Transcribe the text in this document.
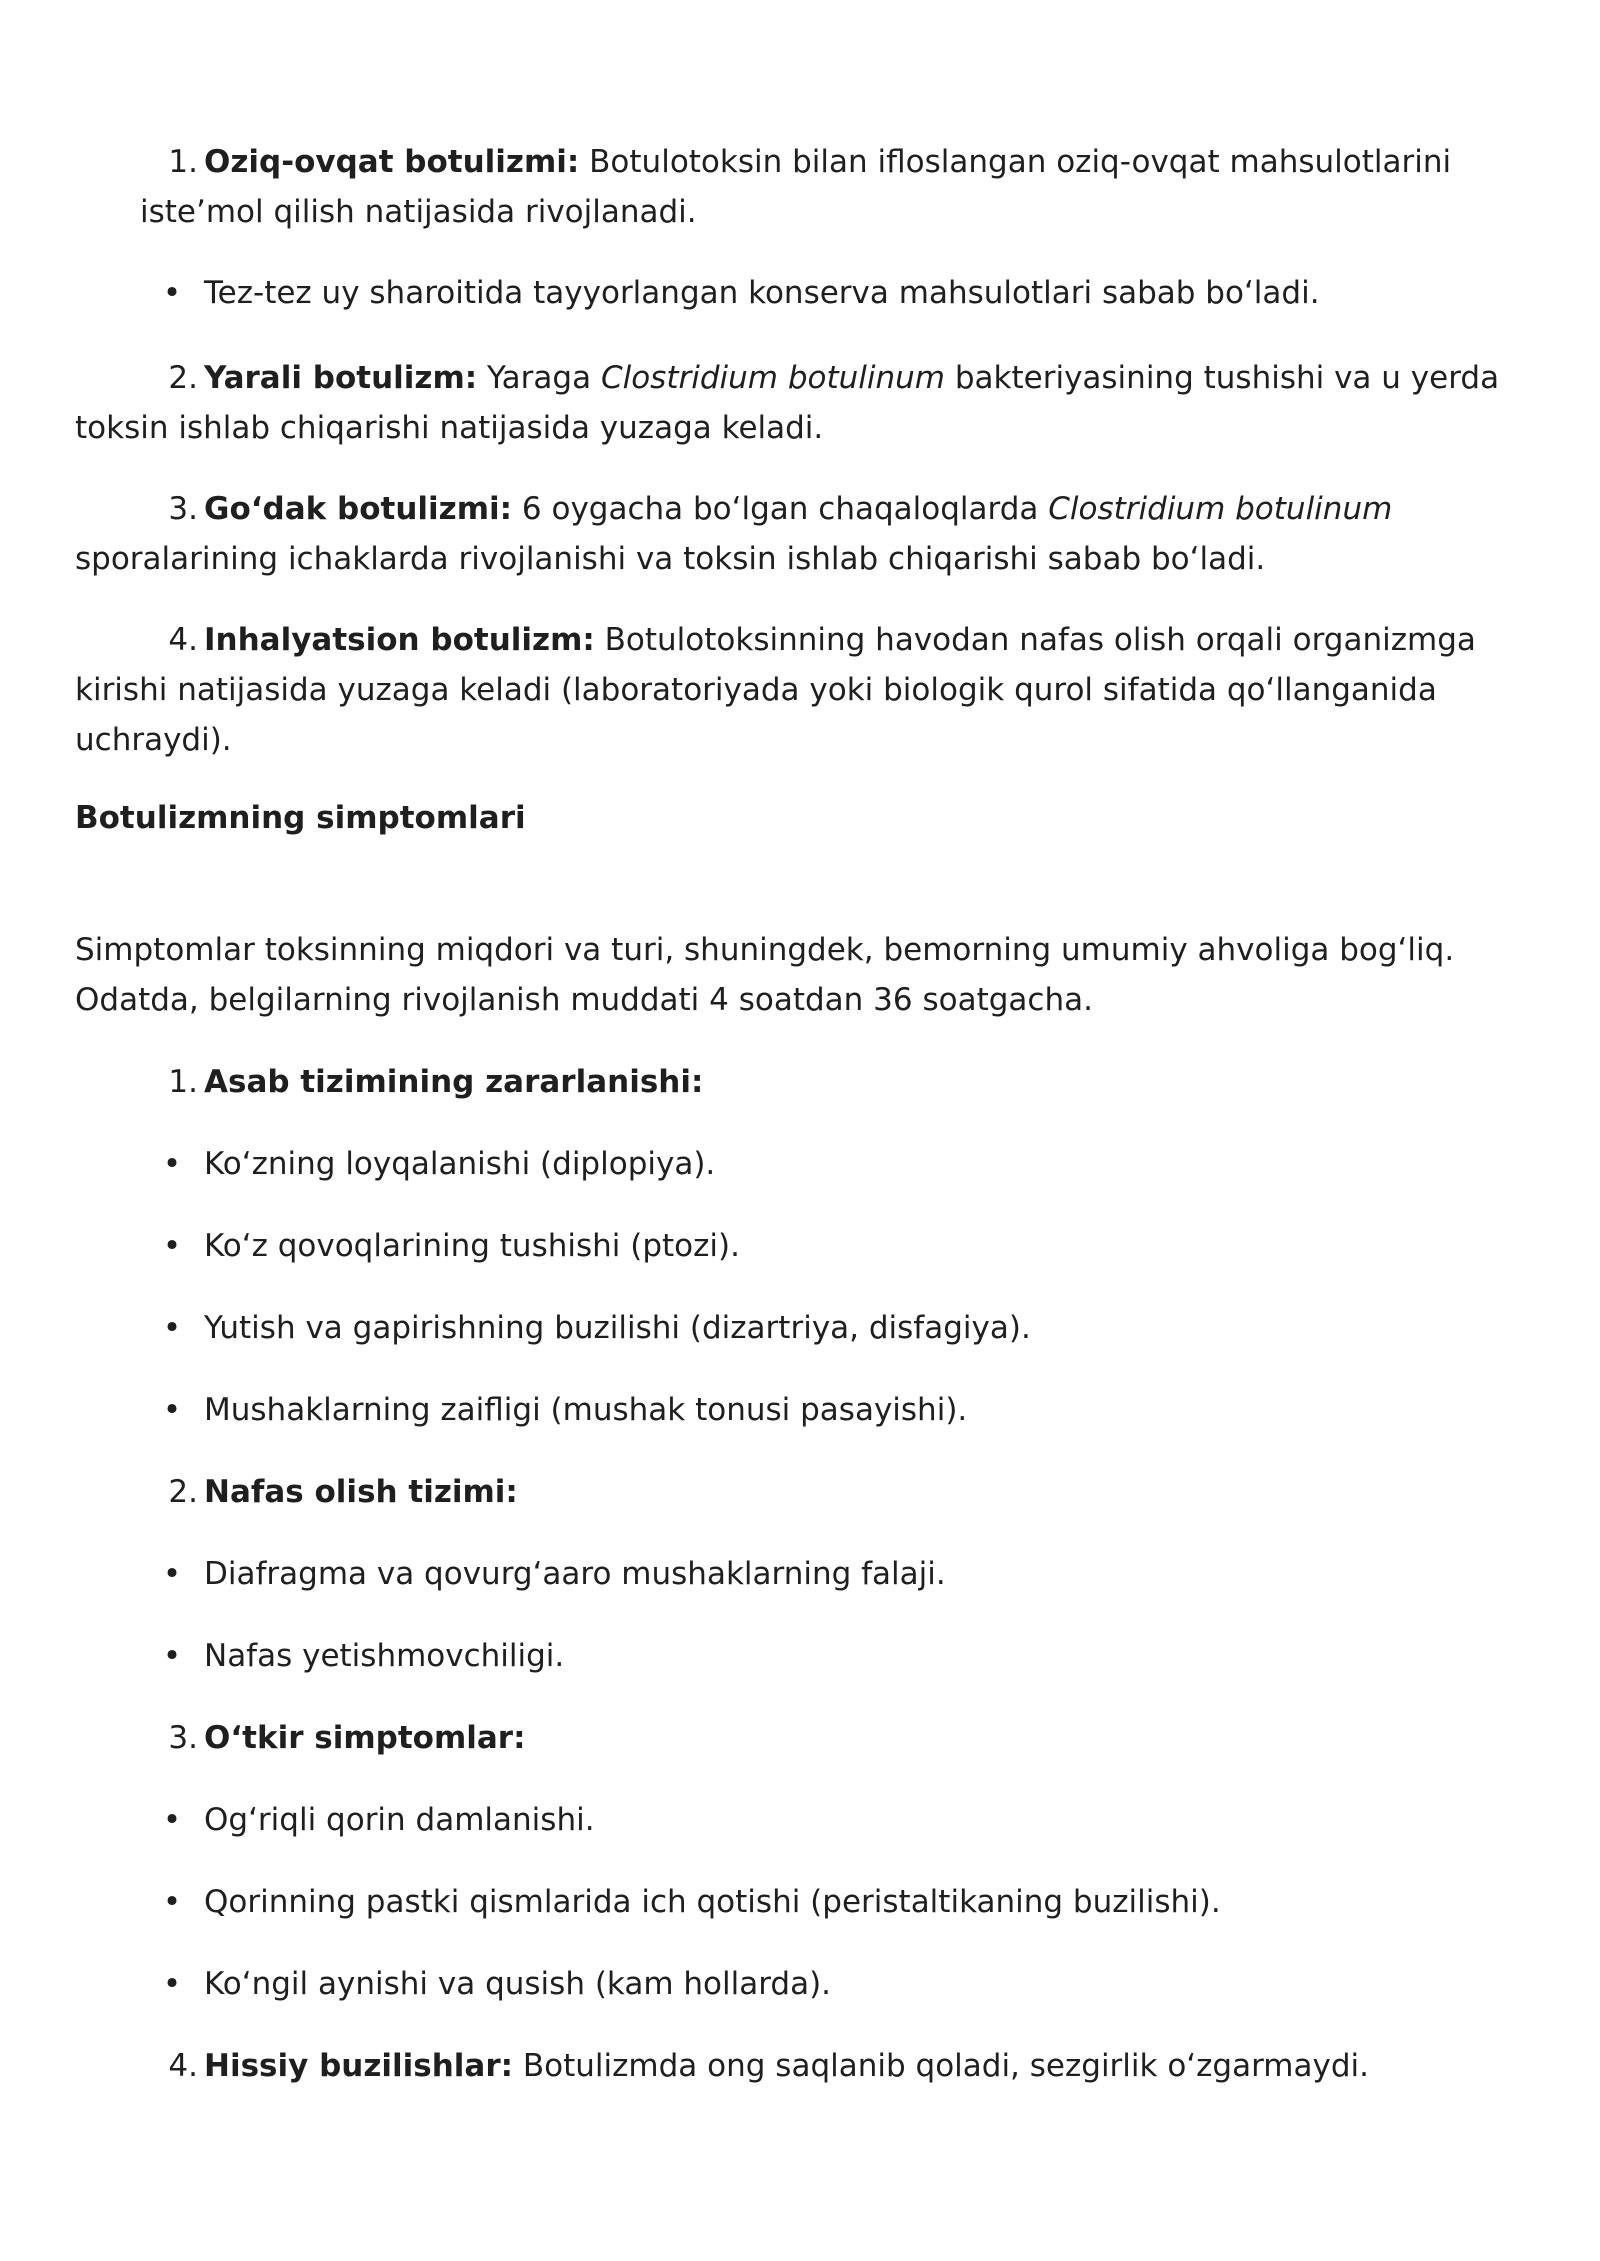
1. Oziq-ovqat botulizmi: Botulotoksin bilan ifloslangan oziq-ovqat mahsulotlarini iste’mol qilish natijasida rivojlanadi.

• Tez-tez uy sharoitida tayyorlangan konserva mahsulotlari sabab boʻladi.

2. Yarali botulizm: Yaraga Clostridium botulinum bakteriyasining tushishi va u yerda toksin ishlab chiqarishi natijasida yuzaga keladi.

3. Goʻdak botulizmi: 6 oygacha boʻlgan chaqaloqlarda Clostridium botulinum sporalarining ichaklarda rivojlanishi va toksin ishlab chiqarishi sabab boʻladi.

4. Inhalyatsion botulizm: Botulotoksinning havodan nafas olish orqali organizmga kirishi natijasida yuzaga keladi (laboratoriyada yoki biologik qurol sifatida qoʻllanganida uchraydi).

Botulizmning simptomlari

Simptomlar toksinning miqdori va turi, shuningdek, bemorning umumiy ahvoliga bogʻliq. Odatda, belgilarning rivojlanish muddati 4 soatdan 36 soatgacha.

1. Asab tizimining zararlanishi:

• Koʻzning loyqalanishi (diplopiya).

• Koʻz qovoqlarining tushishi (ptozi).

• Yutish va gapirishning buzilishi (dizartriya, disfagiya).

• Mushaklarning zaifligi (mushak tonusi pasayishi).

2. Nafas olish tizimi:

• Diafragma va qovurgʻaaro mushaklarning falaji.

• Nafas yetishmovchiligi.

3. Oʻtkir simptomlar:

• Ogʻriqli qorin damlanishi.

• Qorinning pastki qismlarida ich qotishi (peristaltikaning buzilishi).

• Koʻngil aynishi va qusish (kam hollarda).

4. Hissiy buzilishlar: Botulizmda ong saqlanib qoladi, sezgirlik oʻzgarmaydi.
